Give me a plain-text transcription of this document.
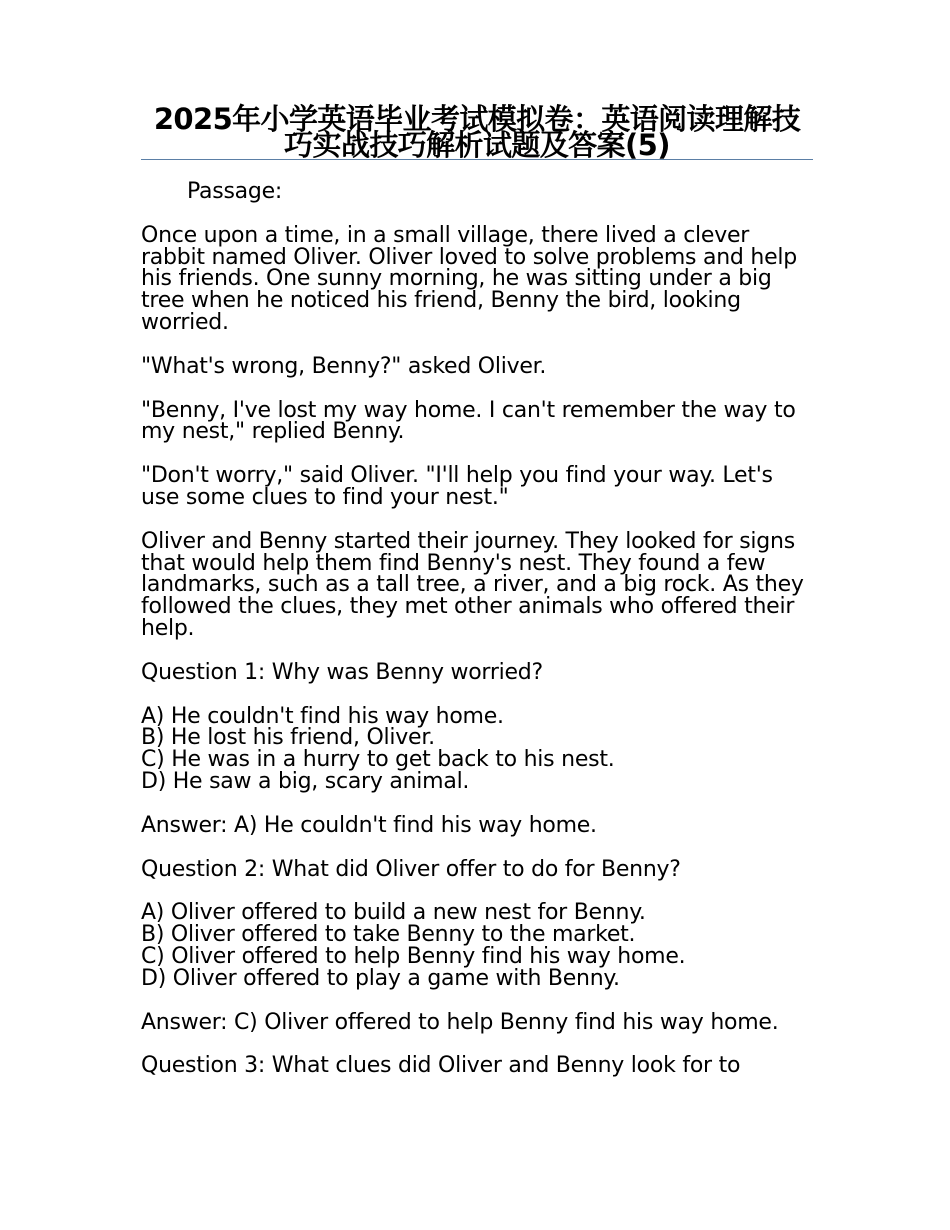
2025年小学英语毕业考试模拟卷：英语阅读理解技巧实战技巧解析试题及答案(5)

Passage:

Once upon a time, in a small village, there lived a clever rabbit named Oliver. Oliver loved to solve problems and help his friends. One sunny morning, he was sitting under a big tree when he noticed his friend, Benny the bird, looking worried.

"What's wrong, Benny?" asked Oliver.

"Benny, I've lost my way home. I can't remember the way to my nest," replied Benny.

"Don't worry," said Oliver. "I'll help you find your way. Let's use some clues to find your nest."

Oliver and Benny started their journey. They looked for signs that would help them find Benny's nest. They found a few landmarks, such as a tall tree, a river, and a big rock. As they followed the clues, they met other animals who offered their help.

Question 1: Why was Benny worried?

A) He couldn't find his way home.
B) He lost his friend, Oliver.
C) He was in a hurry to get back to his nest.
D) He saw a big, scary animal.

Answer: A) He couldn't find his way home.

Question 2: What did Oliver offer to do for Benny?

A) Oliver offered to build a new nest for Benny.
B) Oliver offered to take Benny to the market.
C) Oliver offered to help Benny find his way home.
D) Oliver offered to play a game with Benny.

Answer: C) Oliver offered to help Benny find his way home.

Question 3: What clues did Oliver and Benny look for to
